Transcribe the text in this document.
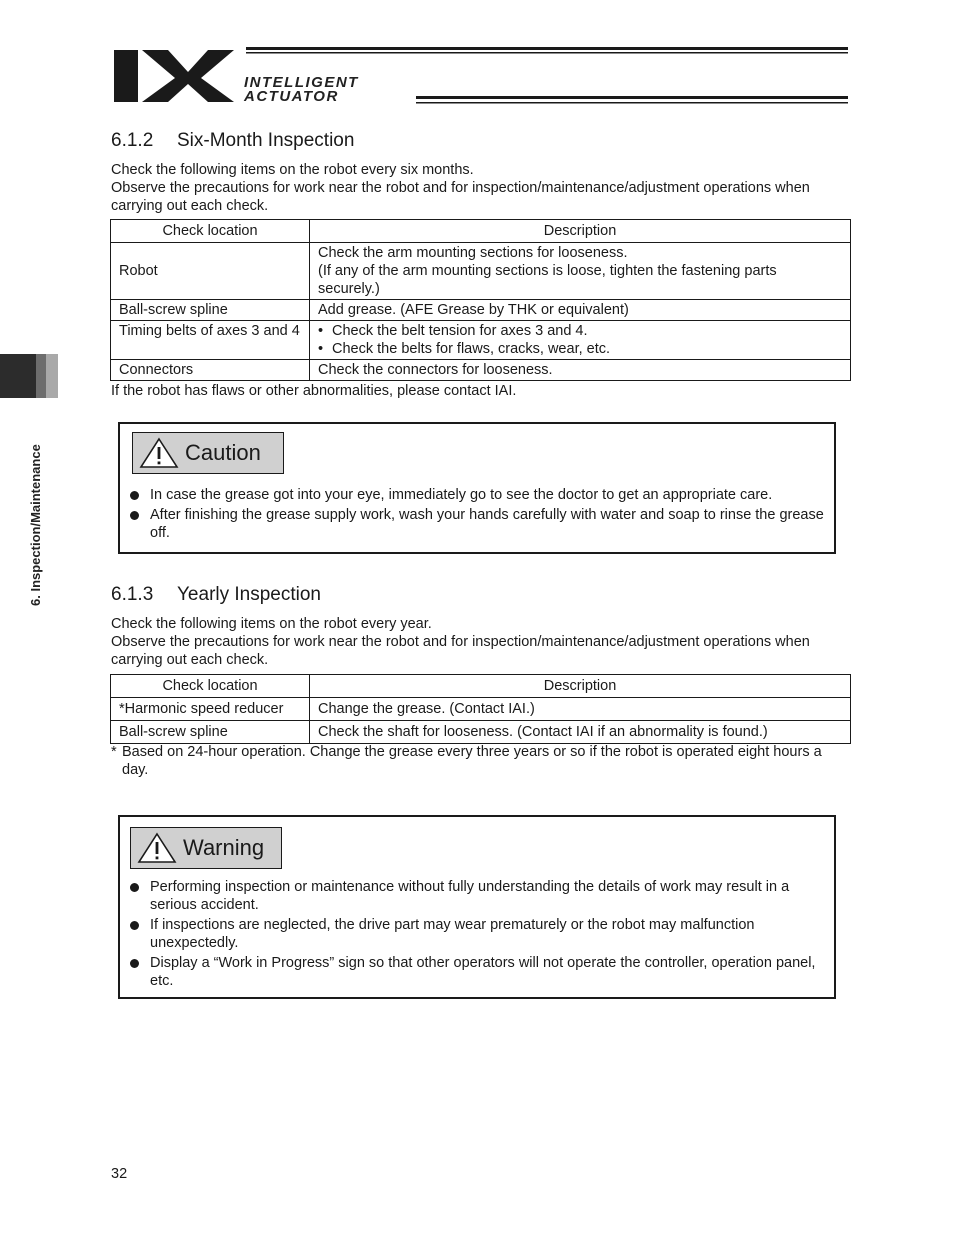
INTELLIGENT
ACTUATOR
6. Inspection/Maintenance
6.1.2 Six-Month Inspection

Check the following items on the robot every six months.

Observe the precautions for work near the robot and for inspection/maintenance/adjustment operations when carrying out each check.

Check location	Description
Robot	Check the arm mounting sections for looseness.
(If any of the arm mounting sections is loose, tighten the fastening parts securely.)

Ball-screw spline	Add grease. (AFE Grease by THK or equivalent)
Timing belts of axes 3 and 4	• Check the belt tension for axes 3 and 4.
• Check the belts for flaws, cracks, wear, etc.

Connectors	Check the connectors for looseness.

If the robot has flaws or other abnormalities, please contact IAI.

Caution
In case the grease got into your eye, immediately go to see the doctor to get an appropriate care.
After finishing the grease supply work, wash your hands carefully with water and soap to rinse the grease off.
6.1.3 Yearly Inspection

Check the following items on the robot every year.

Observe the precautions for work near the robot and for inspection/maintenance/adjustment operations when carrying out each check.

Check location	Description
*Harmonic speed reducer	Change the grease. (Contact IAI.)
Ball-screw spline	Check the shaft for looseness. (Contact IAI if an abnormality is found.)
* Based on 24-hour operation. Change the grease every three years or so if the robot is operated eight hours a day.

Warning
Performing inspection or maintenance without fully understanding the details of work may result in a serious accident.
If inspections are neglected, the drive part may wear prematurely or the robot may malfunction unexpectedly.
Display a “Work in Progress” sign so that other operators will not operate the controller, operation panel, etc.
32
